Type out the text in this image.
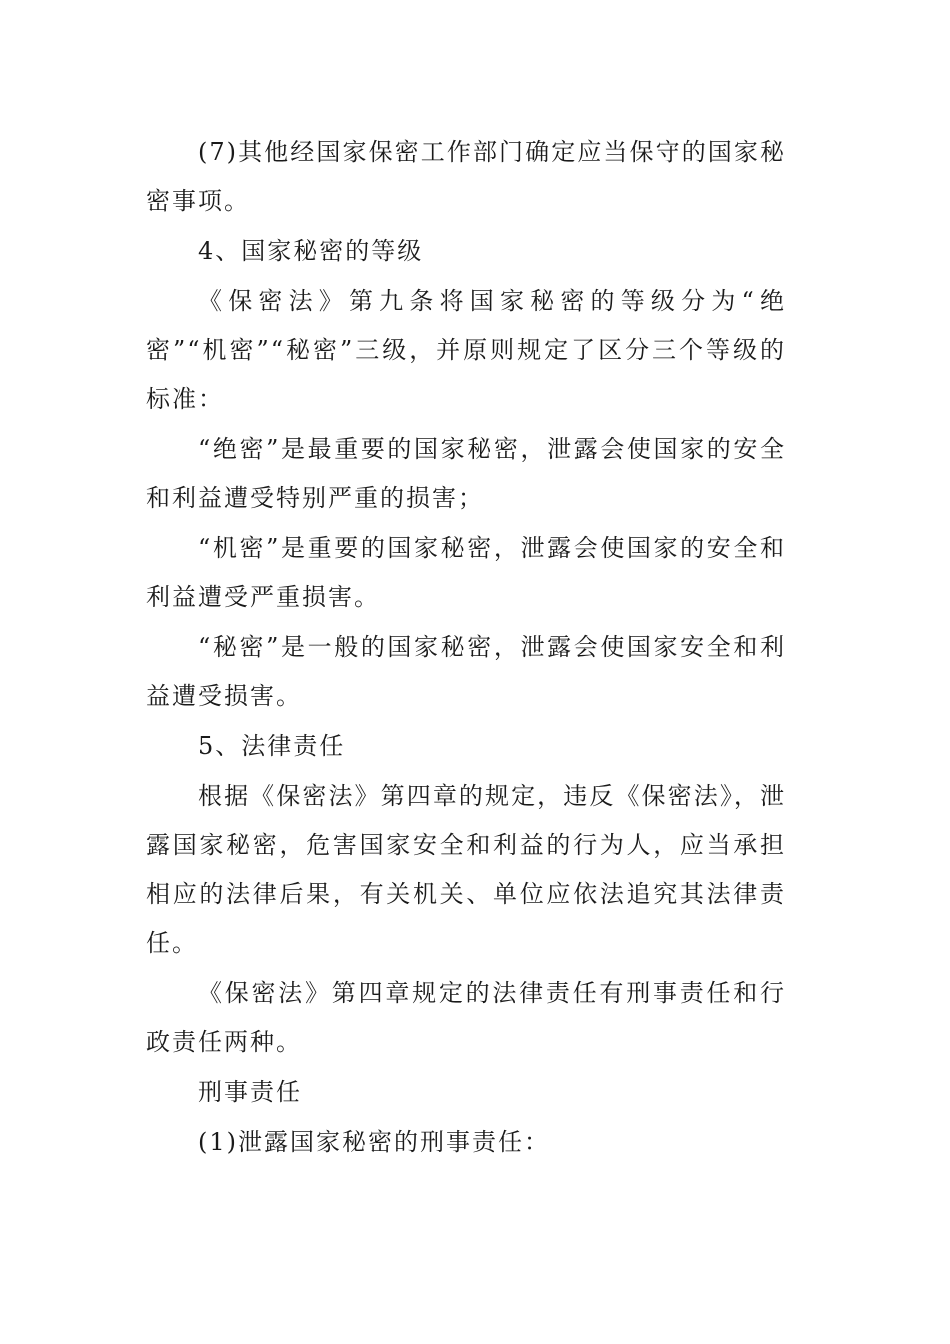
(7)其他经国家保密工作部门确定应当保守的国家秘密事项。

4、国家秘密的等级

《保密法》第九条将国家秘密的等级分为“绝密”“机密”“秘密”三级，并原则规定了区分三个等级的标准：

“绝密”是最重要的国家秘密，泄露会使国家的安全和利益遭受特别严重的损害；

“机密”是重要的国家秘密，泄露会使国家的安全和利益遭受严重损害。

“秘密”是一般的国家秘密，泄露会使国家安全和利益遭受损害。

5、法律责任

根据《保密法》第四章的规定，违反《保密法》，泄露国家秘密，危害国家安全和利益的行为人，应当承担相应的法律后果，有关机关、单位应依法追究其法律责任。

《保密法》第四章规定的法律责任有刑事责任和行政责任两种。

刑事责任

(1)泄露国家秘密的刑事责任：
